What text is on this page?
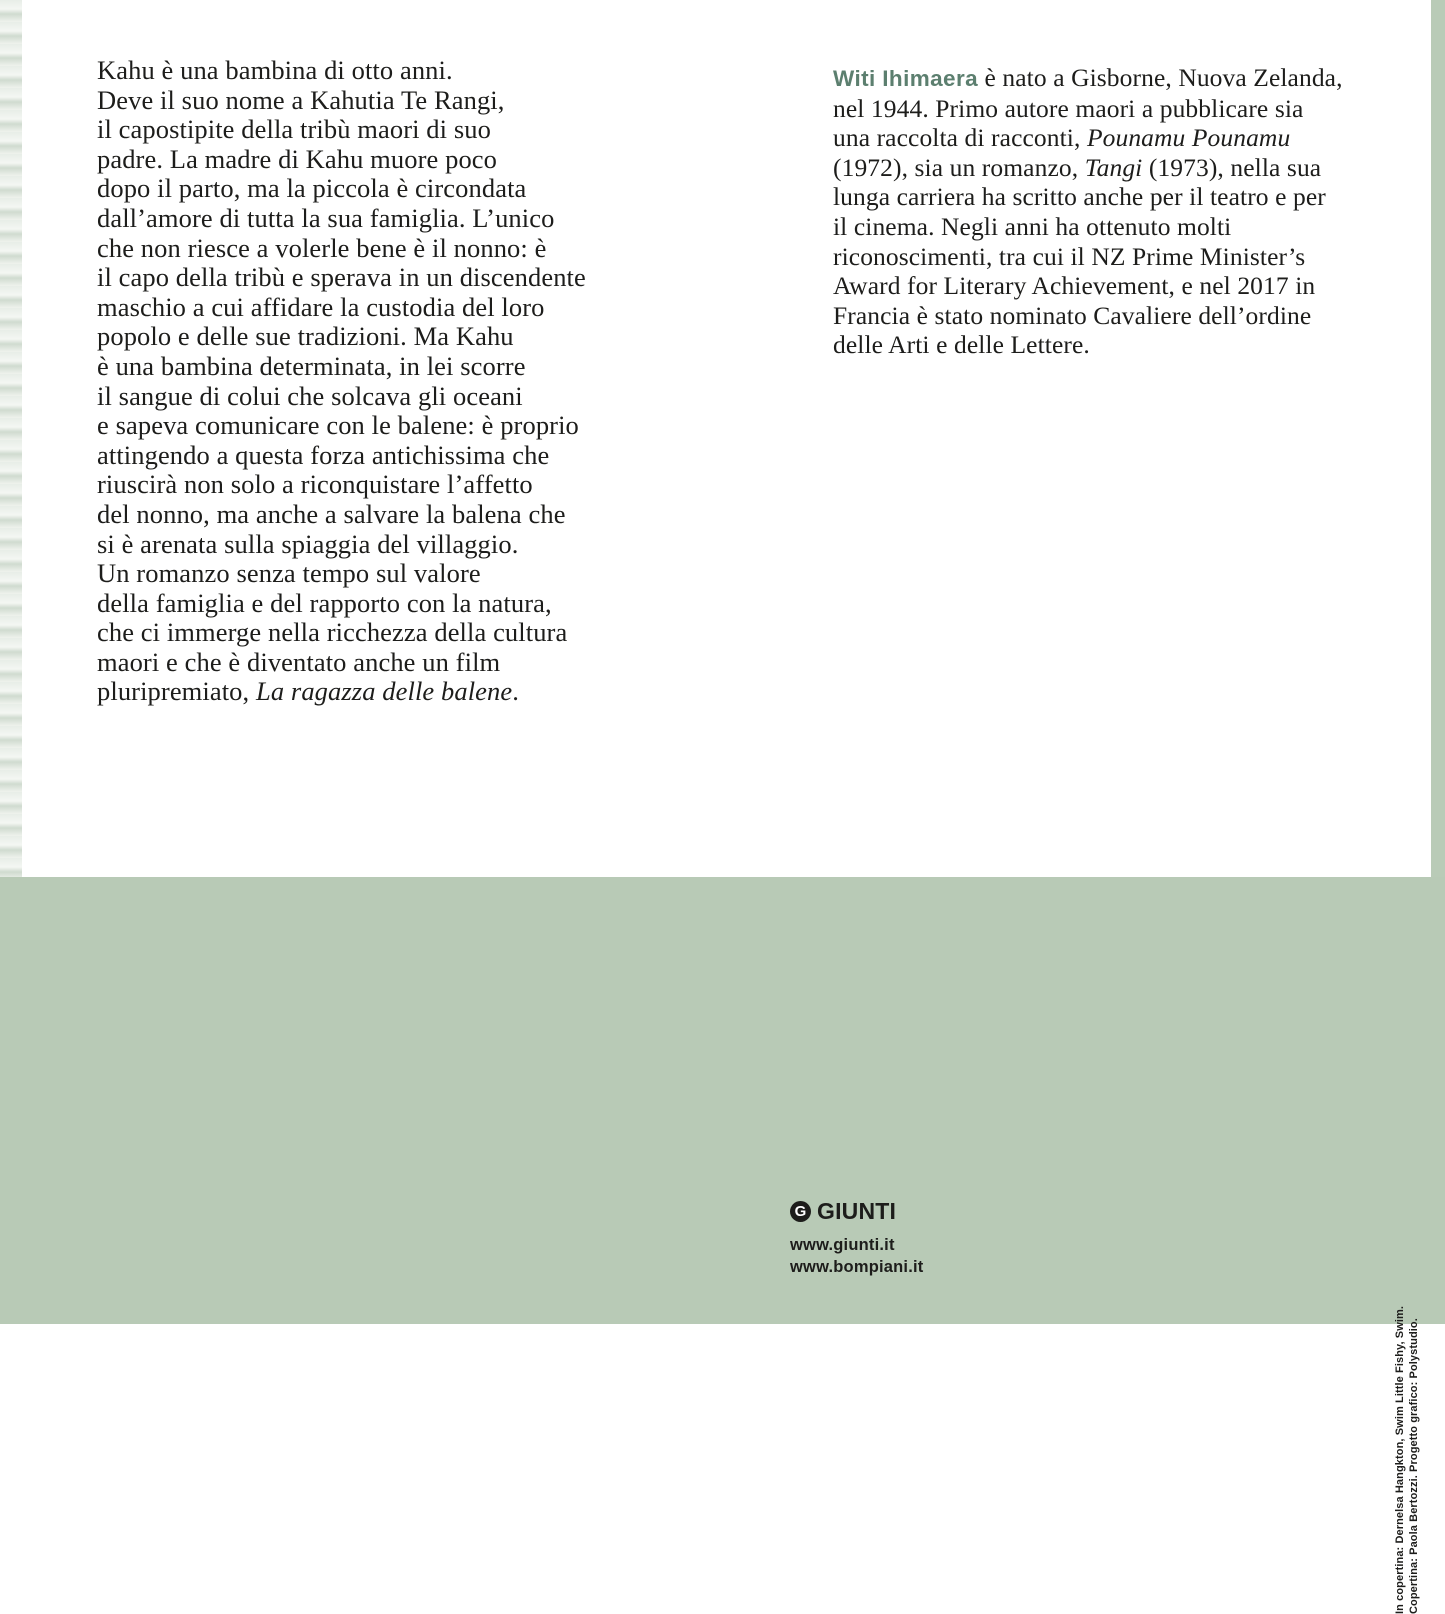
Kahu è una bambina di otto anni.

Deve il suo nome a Kahutia Te Rangi,

il capostipite della tribù maori di suo

padre. La madre di Kahu muore poco

dopo il parto, ma la piccola è circondata

dall’amore di tutta la sua famiglia. L’unico

che non riesce a volerle bene è il nonno: è

il capo della tribù e sperava in un discendente

maschio a cui affidare la custodia del loro

popolo e delle sue tradizioni. Ma Kahu

è una bambina determinata, in lei scorre

il sangue di colui che solcava gli oceani

e sapeva comunicare con le balene: è proprio

attingendo a questa forza antichissima che

riuscirà non solo a riconquistare l’affetto

del nonno, ma anche a salvare la balena che

si è arenata sulla spiaggia del villaggio.

Un romanzo senza tempo sul valore

della famiglia e del rapporto con la natura,

che ci immerge nella ricchezza della cultura

maori e che è diventato anche un film

pluripremiato, La ragazza delle balene.

Witi Ihimaera è nato a Gisborne, Nuova Zelanda, nel 1944. Primo autore maori a pubblicare sia una raccolta di racconti, Pounamu Pounamu (1972), sia un romanzo, Tangi (1973), nella sua lunga carriera ha scritto anche per il teatro e per il cinema. Negli anni ha ottenuto molti riconoscimenti, tra cui il NZ Prime Minister’s Award for Literary Achievement, e nel 2017 in Francia è stato nominato Cavaliere dell’ordine delle Arti e delle Lettere.

G GIUNTI
www.giunti.it
www.bompiani.it
In copertina: Dernelsa Hangkton, Swim Little Fishy, Swim. Copertina: Paola Bertozzi. Progetto grafico: Polystudio.
